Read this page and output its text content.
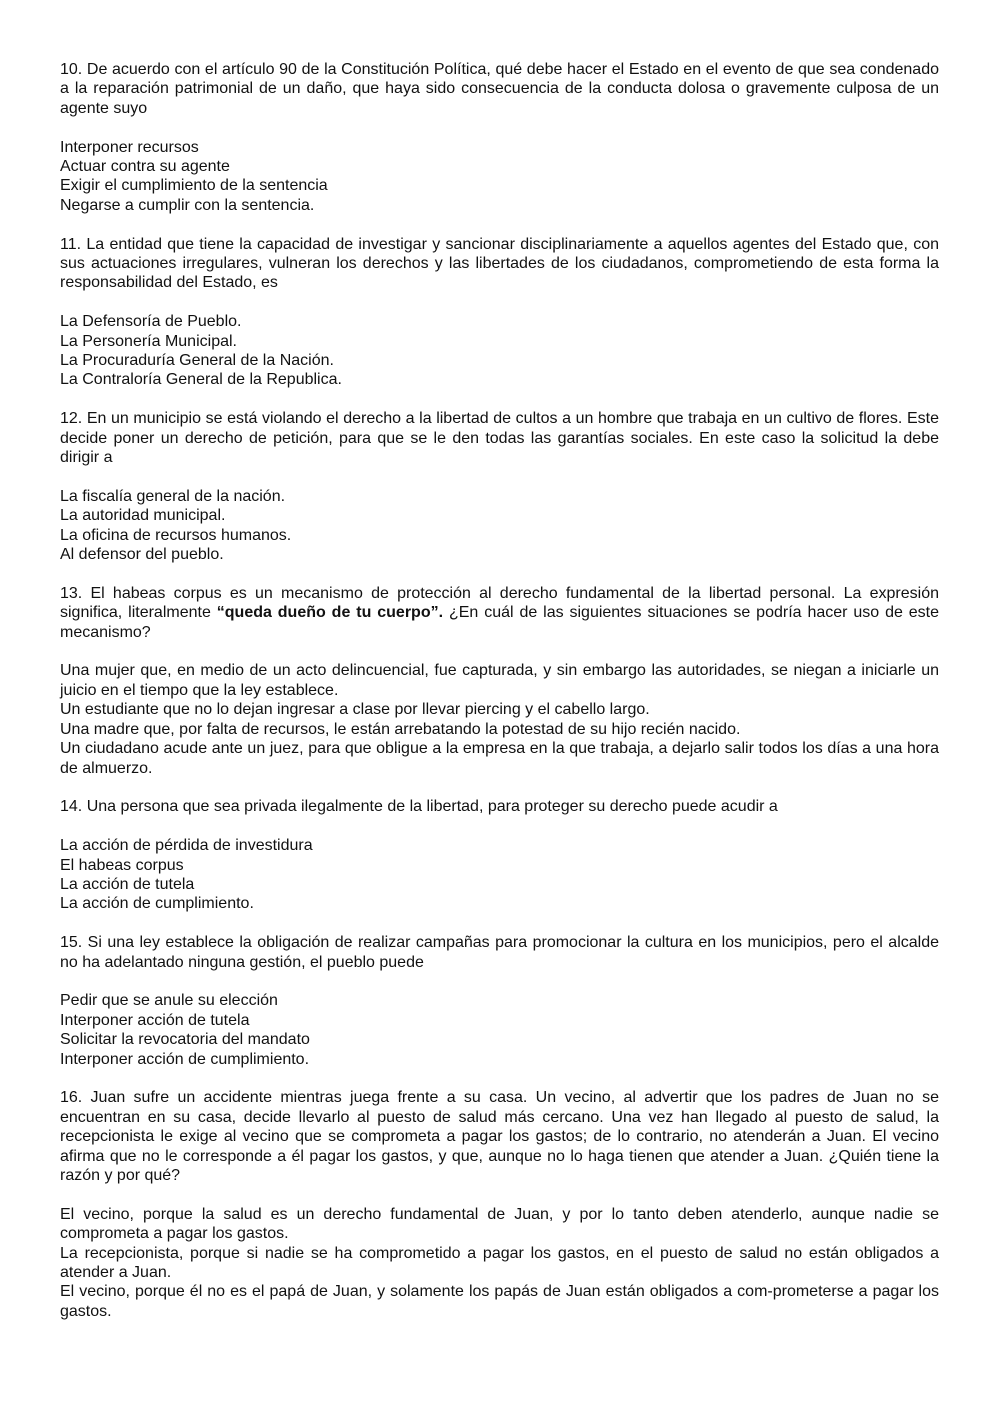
10. De acuerdo con el artículo 90 de la Constitución Política, qué debe hacer el Estado en el evento de que sea condenado a la reparación patrimonial de un daño, que haya sido consecuencia de la conducta dolosa o gravemente culposa de un agente suyo

Interponer recursos
Actuar contra su agente
Exigir el cumplimiento de la sentencia
Negarse a cumplir con la sentencia.

11. La entidad que tiene la capacidad de investigar y sancionar disciplinariamente a aquellos agentes del Estado que, con sus actuaciones irregulares, vulneran los derechos y las libertades de los ciudadanos, comprometiendo de esta forma la responsabilidad del Estado, es

La Defensoría de Pueblo.
La Personería Municipal.
La Procuraduría General de la Nación.
La Contraloría General de la Republica.

12. En un municipio se está violando el derecho a la libertad de cultos a un hombre que trabaja en un cultivo de flores. Este decide poner un derecho de petición, para que se le den todas las garantías sociales. En este caso la solicitud la debe dirigir a

La fiscalía general de la nación.
La autoridad municipal.
La oficina de recursos humanos.
Al defensor del pueblo.

13. El habeas corpus es un mecanismo de protección al derecho fundamental de la libertad personal. La expresión significa, literalmente “queda dueño de tu cuerpo”. ¿En cuál de las siguientes situaciones se podría hacer uso de este mecanismo?

Una mujer que, en medio de un acto delincuencial, fue capturada, y sin embargo las autoridades, se niegan a iniciarle un juicio en el tiempo que la ley establece.
Un estudiante que no lo dejan ingresar a clase por llevar piercing y el cabello largo.
Una madre que, por falta de recursos, le están arrebatando la potestad de su hijo recién nacido.
Un ciudadano acude ante un juez, para que obligue a la empresa en la que trabaja, a dejarlo salir todos los días a una hora de almuerzo.

14. Una persona que sea privada ilegalmente de la libertad, para proteger su derecho puede acudir a

La acción de pérdida de investidura
El habeas corpus
La acción de tutela
La acción de cumplimiento.

15. Si una ley establece la obligación de realizar campañas para promocionar la cultura en los municipios, pero el alcalde no ha adelantado ninguna gestión, el pueblo puede

Pedir que se anule su elección
Interponer acción de tutela
Solicitar la revocatoria del mandato
Interponer acción de cumplimiento.

16. Juan sufre un accidente mientras juega frente a su casa. Un vecino, al advertir que los padres de Juan no se encuentran en su casa, decide llevarlo al puesto de salud más cercano. Una vez han llegado al puesto de salud, la recepcionista le exige al vecino que se comprometa a pagar los gastos; de lo contrario, no atenderán a Juan. El vecino afirma que no le corresponde a él pagar los gastos, y que, aunque no lo haga tienen que atender a Juan. ¿Quién tiene la razón y por qué?

El vecino, porque la salud es un derecho fundamental de Juan, y por lo tanto deben atenderlo, aunque nadie se comprometa a pagar los gastos.
La recepcionista, porque si nadie se ha comprometido a pagar los gastos, en el puesto de salud no están obligados a atender a Juan.
El vecino, porque él no es el papá de Juan, y solamente los papás de Juan están obligados a com-prometerse a pagar los gastos.
